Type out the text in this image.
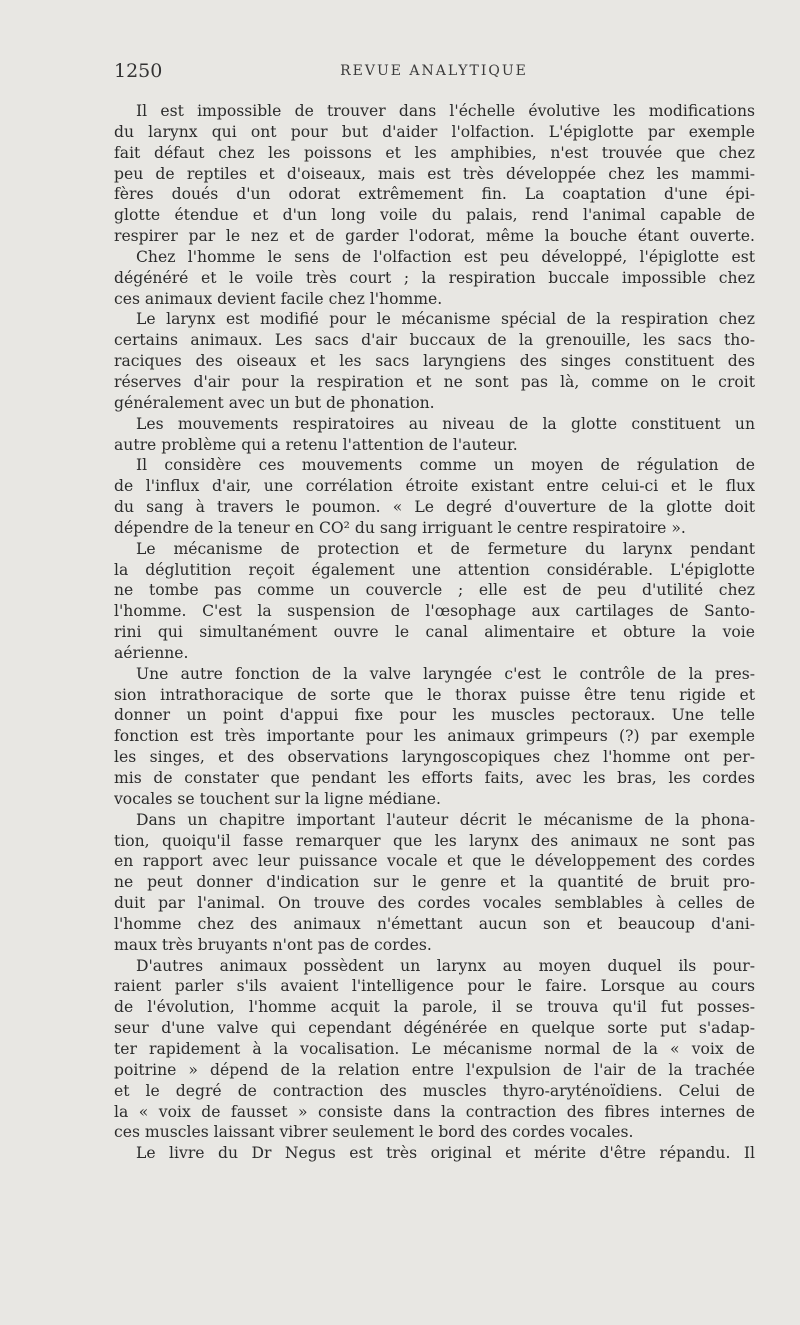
1250	REVUE ANALYTIQUE
Il est impossible de trouver dans l'échelle évolutive les modifications
du larynx qui ont pour but d'aider l'olfaction. L'épiglotte par exemple
fait défaut chez les poissons et les amphibies, n'est trouvée que chez
peu de reptiles et d'oiseaux, mais est très développée chez les mammi-
fères doués d'un odorat extrêmement fin. La coaptation d'une épi-
glotte étendue et d'un long voile du palais, rend l'animal capable de
respirer par le nez et de garder l'odorat, même la bouche étant ouverte.
Chez l'homme le sens de l'olfaction est peu développé, l'épiglotte est
dégénéré et le voile très court ; la respiration buccale impossible chez
ces animaux devient facile chez l'homme.
Le larynx est modifié pour le mécanisme spécial de la respiration chez
certains animaux. Les sacs d'air buccaux de la grenouille, les sacs tho-
raciques des oiseaux et les sacs laryngiens des singes constituent des
réserves d'air pour la respiration et ne sont pas là, comme on le croit
généralement avec un but de phonation.
Les mouvements respiratoires au niveau de la glotte constituent un
autre problème qui a retenu l'attention de l'auteur.
Il considère ces mouvements comme un moyen de régulation de
de l'influx d'air, une corrélation étroite existant entre celui-ci et le flux
du sang à travers le poumon. « Le degré d'ouverture de la glotte doit
dépendre de la teneur en CO² du sang irriguant le centre respiratoire ».
Le mécanisme de protection et de fermeture du larynx pendant
la déglutition reçoit également une attention considérable. L'épiglotte
ne tombe pas comme un couvercle ; elle est de peu d'utilité chez
l'homme. C'est la suspension de l'œsophage aux cartilages de Santo-
rini qui simultanément ouvre le canal alimentaire et obture la voie
aérienne.
Une autre fonction de la valve laryngée c'est le contrôle de la pres-
sion intrathoracique de sorte que le thorax puisse être tenu rigide et
donner un point d'appui fixe pour les muscles pectoraux. Une telle
fonction est très importante pour les animaux grimpeurs (?) par exemple
les singes, et des observations laryngoscopiques chez l'homme ont per-
mis de constater que pendant les efforts faits, avec les bras, les cordes
vocales se touchent sur la ligne médiane.
Dans un chapitre important l'auteur décrit le mécanisme de la phona-
tion, quoiqu'il fasse remarquer que les larynx des animaux ne sont pas
en rapport avec leur puissance vocale et que le développement des cordes
ne peut donner d'indication sur le genre et la quantité de bruit pro-
duit par l'animal. On trouve des cordes vocales semblables à celles de
l'homme chez des animaux n'émettant aucun son et beaucoup d'ani-
maux très bruyants n'ont pas de cordes.
D'autres animaux possèdent un larynx au moyen duquel ils pour-
raient parler s'ils avaient l'intelligence pour le faire. Lorsque au cours
de l'évolution, l'homme acquit la parole, il se trouva qu'il fut posses-
seur d'une valve qui cependant dégénérée en quelque sorte put s'adap-
ter rapidement à la vocalisation. Le mécanisme normal de la « voix de
poitrine » dépend de la relation entre l'expulsion de l'air de la trachée
et le degré de contraction des muscles thyro-aryténoïdiens. Celui de
la « voix de fausset » consiste dans la contraction des fibres internes de
ces muscles laissant vibrer seulement le bord des cordes vocales.
Le livre du Dr Negus est très original et mérite d'être répandu. Il
